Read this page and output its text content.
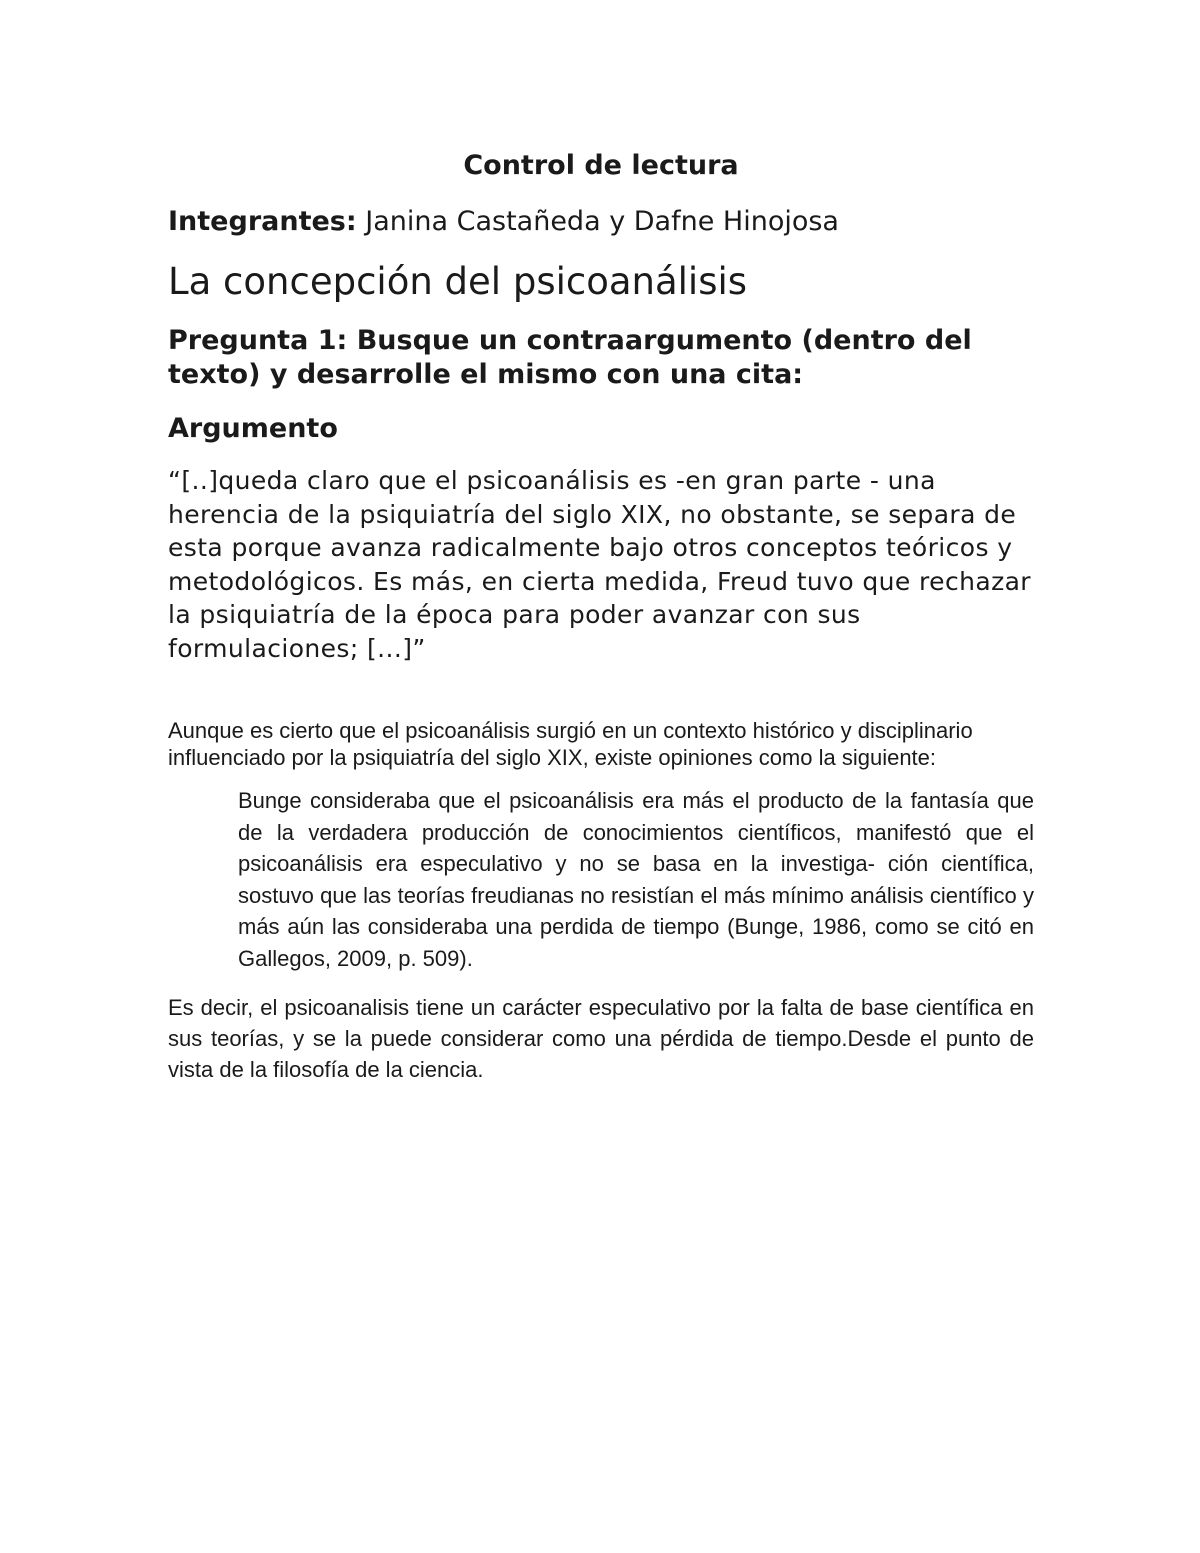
Control de lectura

Integrantes: Janina Castañeda y Dafne Hinojosa

La concepción del psicoanálisis

Pregunta 1: Busque un contraargumento (dentro del texto) y desarrolle el mismo con una cita:

Argumento

“[..]queda claro que el psicoanálisis es -en gran parte - una herencia de la psiquiatría del siglo XIX, no obstante, se separa de esta porque avanza radicalmente bajo otros conceptos teóricos y metodológicos. Es más, en cierta medida, Freud tuvo que rechazar la psiquiatría de la época para poder avanzar con sus formulaciones; [...]”

Aunque es cierto que el psicoanálisis surgió en un contexto histórico y disciplinario influenciado por la psiquiatría del siglo XIX, existe opiniones como la siguiente:

Bunge consideraba que el psicoanálisis era más el producto de la fantasía que de la verdadera producción de conocimientos científicos, manifestó que el psicoanálisis era especulativo y no se basa en la investiga- ción científica, sostuvo que las teorías freudianas no resistían el más mínimo análisis científico y más aún las consideraba una perdida de tiempo (Bunge, 1986, como se citó en Gallegos, 2009, p. 509).

Es decir, el psicoanalisis tiene un carácter especulativo por la falta de base científica en sus teorías, y se la puede considerar como una pérdida de tiempo.Desde el punto de vista de la filosofía de la ciencia.
